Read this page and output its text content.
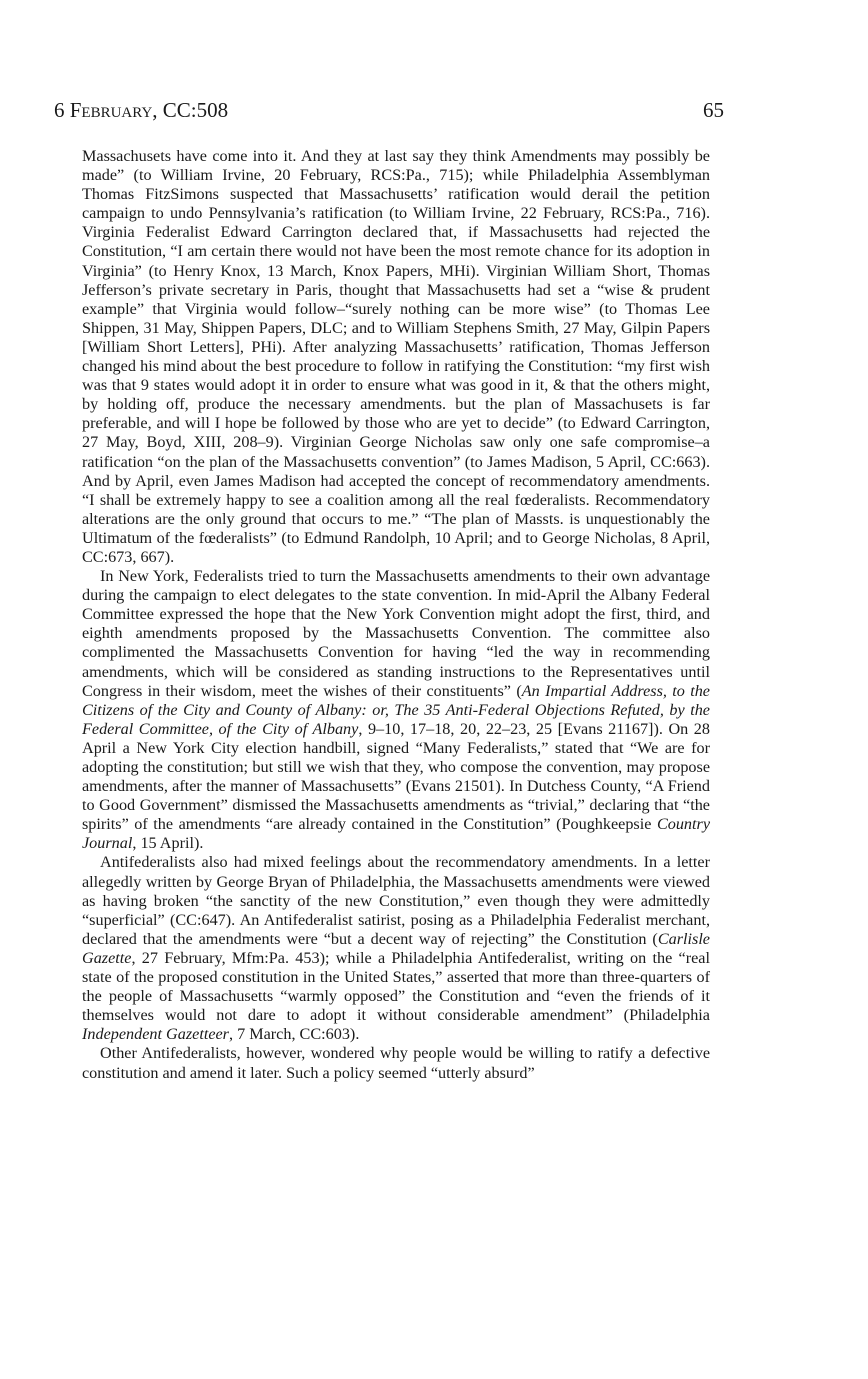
6 February, CC:508	65

Massachusets have come into it. And they at last say they think Amendments may possibly be made” (to William Irvine, 20 February, RCS:Pa., 715); while Philadelphia Assemblyman Thomas FitzSimons suspected that Massachusetts’ ratification would derail the petition campaign to undo Pennsylvania’s ratification (to William Irvine, 22 February, RCS:Pa., 716). Virginia Federalist Edward Carrington declared that, if Massachusetts had rejected the Constitution, “I am certain there would not have been the most remote chance for its adoption in Virginia” (to Henry Knox, 13 March, Knox Papers, MHi). Virginian William Short, Thomas Jefferson’s private secretary in Paris, thought that Massachusetts had set a “wise & prudent example” that Virginia would follow–“surely nothing can be more wise” (to Thomas Lee Shippen, 31 May, Shippen Papers, DLC; and to William Stephens Smith, 27 May, Gilpin Papers [William Short Letters], PHi). After analyzing Massachusetts’ ratification, Thomas Jefferson changed his mind about the best procedure to follow in ratifying the Constitution: “my first wish was that 9 states would adopt it in order to ensure what was good in it, & that the others might, by holding off, produce the necessary amendments. but the plan of Massachusets is far preferable, and will I hope be followed by those who are yet to decide” (to Edward Carrington, 27 May, Boyd, XIII, 208–9). Virginian George Nicholas saw only one safe compromise–a ratification “on the plan of the Massachusetts convention” (to James Madison, 5 April, CC:663). And by April, even James Madison had accepted the concept of recommendatory amendments. “I shall be extremely happy to see a coalition among all the real fœderalists. Recommendatory alterations are the only ground that occurs to me.” “The plan of Massts. is unquestionably the Ultimatum of the fœderalists” (to Edmund Randolph, 10 April; and to George Nicholas, 8 April, CC:673, 667).

In New York, Federalists tried to turn the Massachusetts amendments to their own advantage during the campaign to elect delegates to the state convention. In mid-April the Albany Federal Committee expressed the hope that the New York Convention might adopt the first, third, and eighth amendments proposed by the Massachusetts Convention. The committee also complimented the Massachusetts Convention for having “led the way in recommending amendments, which will be considered as standing instructions to the Representatives until Congress in their wisdom, meet the wishes of their constituents” (An Impartial Address, to the Citizens of the City and County of Albany: or, The 35 Anti-Federal Objections Refuted, by the Federal Committee, of the City of Albany, 9–10, 17–18, 20, 22–23, 25 [Evans 21167]). On 28 April a New York City election handbill, signed “Many Federalists,” stated that “We are for adopting the constitution; but still we wish that they, who compose the convention, may propose amendments, after the manner of Massachusetts” (Evans 21501). In Dutchess County, “A Friend to Good Government” dismissed the Massachusetts amendments as “trivial,” declaring that “the spirits” of the amendments “are already contained in the Constitution” (Poughkeepsie Country Journal, 15 April).

Antifederalists also had mixed feelings about the recommendatory amendments. In a letter allegedly written by George Bryan of Philadelphia, the Massachusetts amendments were viewed as having broken “the sanctity of the new Constitution,” even though they were admittedly “superficial” (CC:647). An Antifederalist satirist, posing as a Philadelphia Federalist merchant, declared that the amendments were “but a decent way of rejecting” the Constitution (Carlisle Gazette, 27 February, Mfm:Pa. 453); while a Philadelphia Antifederalist, writing on the “real state of the proposed constitution in the United States,” asserted that more than three-quarters of the people of Massachusetts “warmly opposed” the Constitution and “even the friends of it themselves would not dare to adopt it without considerable amendment” (Philadelphia Independent Gazetteer, 7 March, CC:603).

Other Antifederalists, however, wondered why people would be willing to ratify a defective constitution and amend it later. Such a policy seemed “utterly absurd”
